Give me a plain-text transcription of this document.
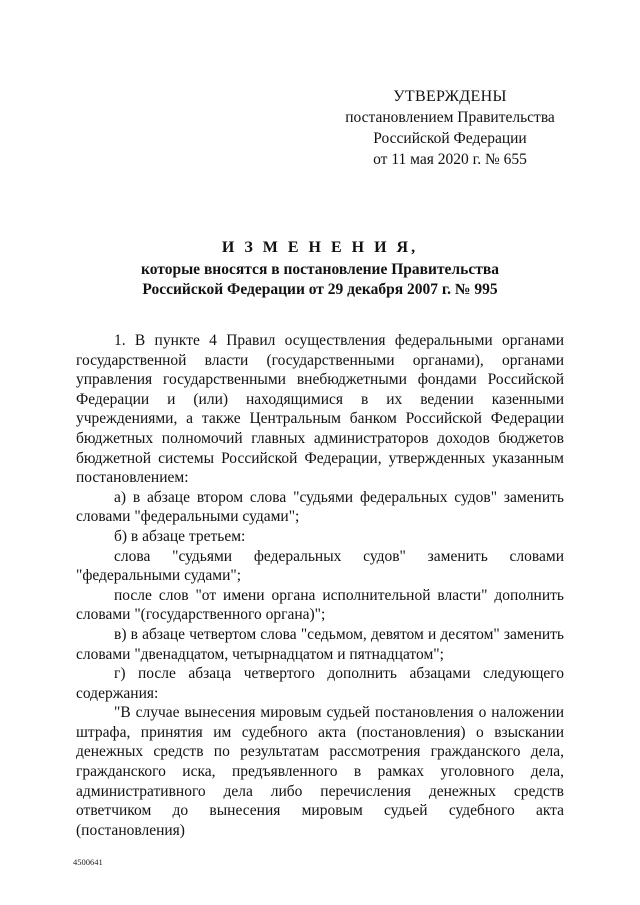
УТВЕРЖДЕНЫ
постановлением Правительства
Российской Федерации
от 11 мая 2020 г. № 655
И З М Е Н Е Н И Я,
которые вносятся в постановление Правительства
Российской Федерации от 29 декабря 2007 г. № 995

1. В пункте 4 Правил осуществления федеральными органами государственной власти (государственными органами), органами управления государственными внебюджетными фондами Российской Федерации и (или) находящимися в их ведении казенными учреждениями, а также Центральным банком Российской Федерации бюджетных полномочий главных администраторов доходов бюджетов бюджетной системы Российской Федерации, утвержденных указанным постановлением:

а) в абзаце втором слова "судьями федеральных судов" заменить словами "федеральными судами";

б) в абзаце третьем:

слова "судьями федеральных судов" заменить словами "федеральными судами";

после слов "от имени органа исполнительной власти" дополнить словами "(государственного органа)";

в) в абзаце четвертом слова "седьмом, девятом и десятом" заменить словами "двенадцатом, четырнадцатом и пятнадцатом";

г) после абзаца четвертого дополнить абзацами следующего содержания:

"В случае вынесения мировым судьей постановления о наложении штрафа, принятия им судебного акта (постановления) о взыскании денежных средств по результатам рассмотрения гражданского дела, гражданского иска, предъявленного в рамках уголовного дела, административного дела либо перечисления денежных средств ответчиком до вынесения мировым судьей судебного акта (постановления)

4500641
